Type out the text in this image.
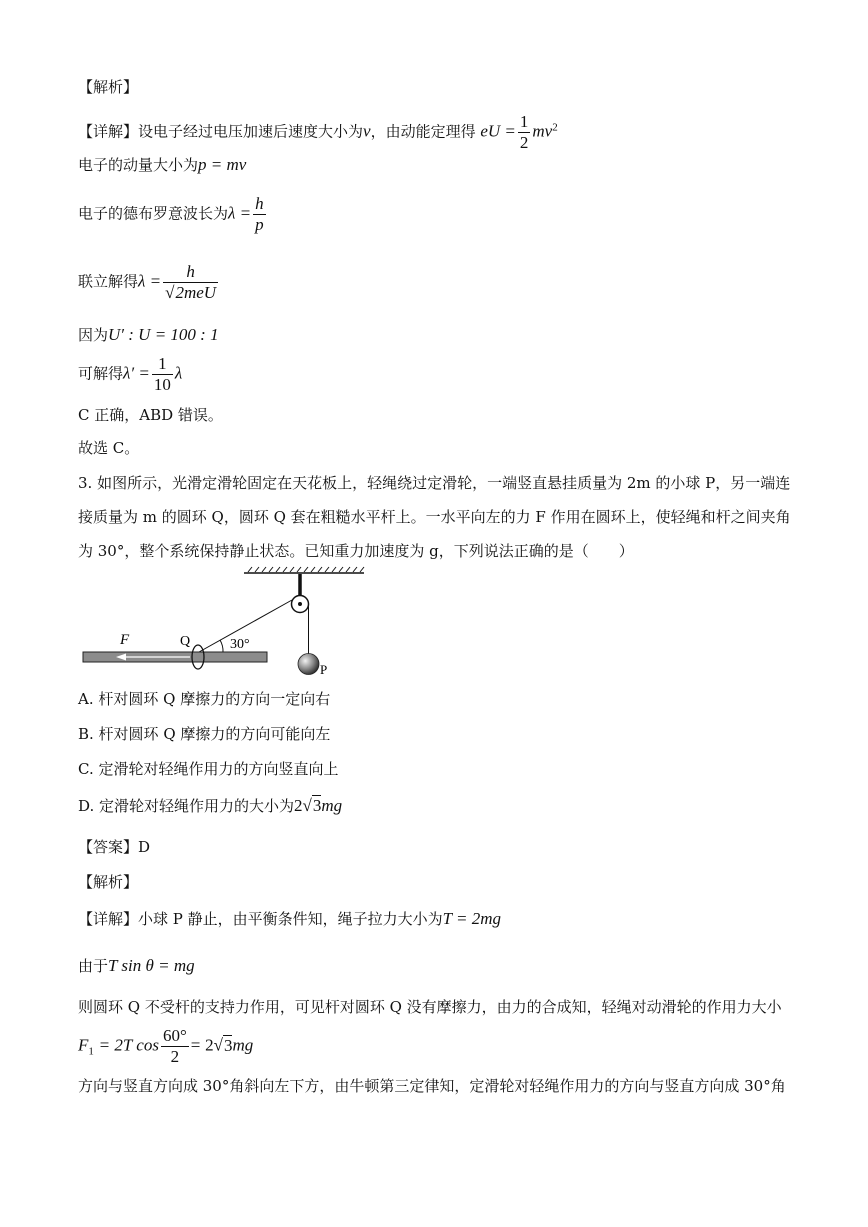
【解析】
【详解】设电子经过电压加速后速度大小为v，由动能定理得 eU = $\frac{1}{2} mv^2$
电子的动量大小为p = mv
电子的德布罗意波长为$\lambda = \frac{h}{p}$
联立解得$\lambda = \frac{h}{\text{√2meU}}$
因为U′ : U = 100 : 1
可解得$\lambda' = \frac{1}{10}$ λ
C 正确，ABD 错误。
故选 C。
3. 如图所示，光滑定滑轮固定在天花板上，轻绳绕过定滑轮，一端竖直悬挂质量为 2m 的小球 P，另一端连接质量为 m 的圆环 Q，圆环 Q 套在粗糙水平杆上。一水平向左的力 F 作用在圆环上，使轻绳和杆之间夹角为 30°，整个系统保持静止状态。已知重力加速度为 g，下列说法正确的是（　　）
P
F	Q	30°
A. 杆对圆环 Q 摩擦力的方向一定向右
B. 杆对圆环 Q 摩擦力的方向可能向左
C. 定滑轮对轻绳作用力的方向竖直向上
D. 定滑轮对轻绳作用力的大小为2√3mg
【答案】D
【解析】
【详解】小球 P 静止，由平衡条件知，绳子拉力大小为T = 2mg
由于T sin θ = mg
则圆环 Q 不受杆的支持力作用，可见杆对圆环 Q 没有摩擦力，由力的合成知，轻绳对动滑轮的作用力大小
$F_1 = 2T$ $\cos \frac{60^\circ}{2} = 2√3mg$
方向与竖直方向成 30°角斜向左下方，由牛顿第三定律知，定滑轮对轻绳作用力的方向与竖直方向成 30°角
